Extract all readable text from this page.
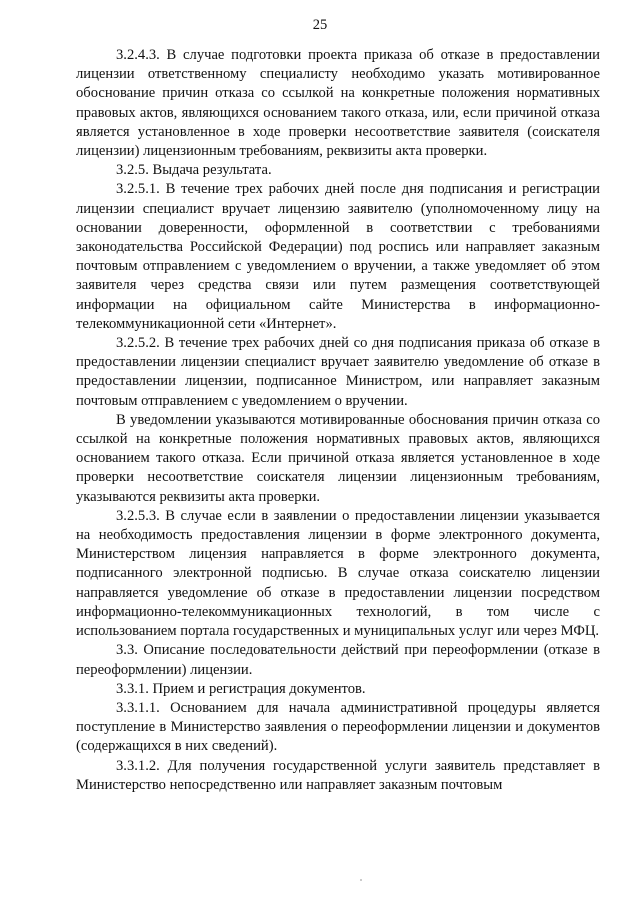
25

3.2.4.3. В случае подготовки проекта приказа об отказе в предоставлении лицензии ответственному специалисту необходимо указать мотивированное обоснование причин отказа со ссылкой на конкретные положения нормативных правовых актов, являющихся основанием такого отказа, или, если причиной отказа является установленное в ходе проверки несоответствие заявителя (соискателя лицензии) лицензионным требованиям, реквизиты акта проверки.

3.2.5. Выдача результата.

3.2.5.1. В течение трех рабочих дней после дня подписания и регистрации лицензии специалист вручает лицензию заявителю (уполномоченному лицу на основании доверенности, оформленной в соответствии с требованиями законодательства Российской Федерации) под роспись или направляет заказным почтовым отправлением с уведомлением о вручении, а также уведомляет об этом заявителя через средства связи или путем размещения соответствующей информации на официальном сайте Министерства в информационно-телекоммуникационной сети «Интернет».

3.2.5.2. В течение трех рабочих дней со дня подписания приказа об отказе в предоставлении лицензии специалист вручает заявителю уведомление об отказе в предоставлении лицензии, подписанное Министром, или направляет заказным почтовым отправлением с уведомлением о вручении.

В уведомлении указываются мотивированные обоснования причин отказа со ссылкой на конкретные положения нормативных правовых актов, являющихся основанием такого отказа. Если причиной отказа является установленное в ходе проверки несоответствие соискателя лицензии лицензионным требованиям, указываются реквизиты акта проверки.

3.2.5.3. В случае если в заявлении о предоставлении лицензии указывается на необходимость предоставления лицензии в форме электронного документа, Министерством лицензия направляется в форме электронного документа, подписанного электронной подписью. В случае отказа соискателю лицензии направляется уведомление об отказе в предоставлении лицензии посредством информационно-телекоммуникационных технологий, в том числе с использованием портала государственных и муниципальных услуг или через МФЦ.

3.3. Описание последовательности действий при переоформлении (отказе в переоформлении) лицензии.

3.3.1. Прием и регистрация документов.

3.3.1.1. Основанием для начала административной процедуры является поступление в Министерство заявления о переоформлении лицензии и документов (содержащихся в них сведений).

3.3.1.2. Для получения государственной услуги заявитель представляет в Министерство непосредственно или направляет заказным почтовым
